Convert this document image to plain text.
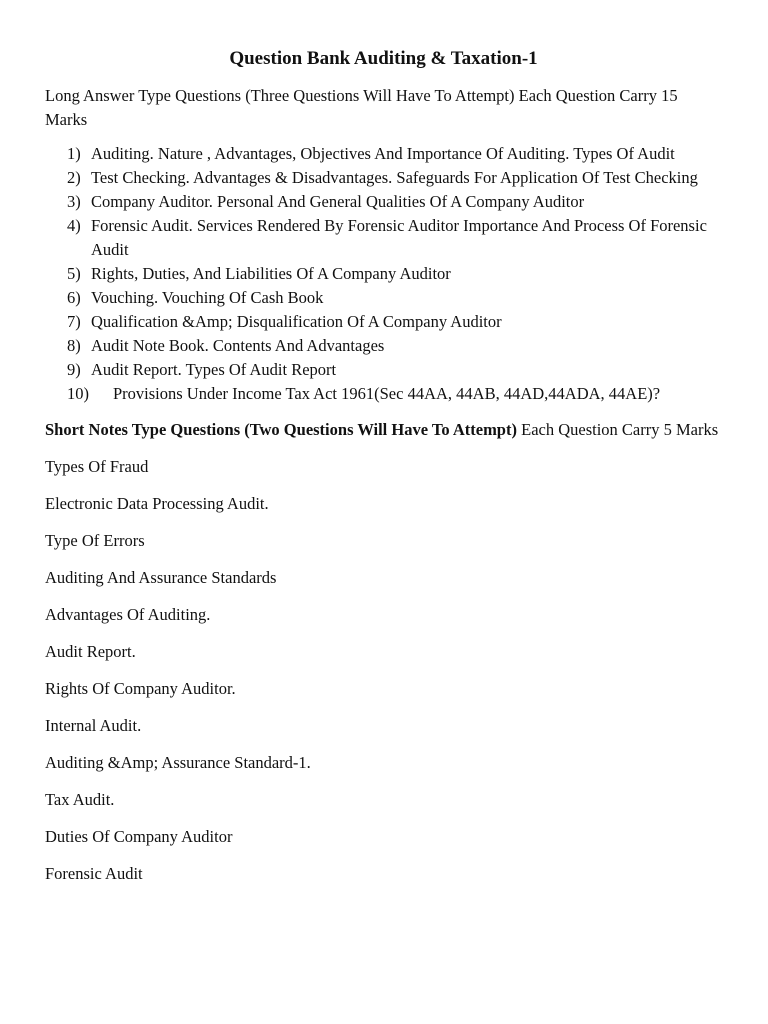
Question Bank Auditing & Taxation-1

Long Answer Type Questions (Three Questions Will Have To Attempt) Each Question Carry 15 Marks

1) Auditing. Nature , Advantages, Objectives And Importance Of Auditing. Types Of Audit
2) Test Checking. Advantages & Disadvantages. Safeguards For Application Of Test Checking
3) Company Auditor. Personal And General Qualities Of A Company Auditor
4) Forensic Audit. Services Rendered By Forensic Auditor Importance And Process Of Forensic Audit
5) Rights, Duties, And Liabilities Of A Company Auditor
6) Vouching. Vouching Of Cash Book
7) Qualification &Amp; Disqualification Of A Company Auditor
8) Audit Note Book. Contents And Advantages
9) Audit Report. Types Of Audit Report
10) Provisions Under Income Tax Act 1961(Sec 44AA, 44AB, 44AD,44ADA, 44AE)?

Short Notes Type Questions (Two Questions Will Have To Attempt) Each Question Carry 5 Marks

Types Of Fraud

Electronic Data Processing Audit.

Type Of Errors

Auditing And Assurance Standards

Advantages Of Auditing.

Audit Report.

Rights Of Company Auditor.

Internal Audit.

Auditing &Amp; Assurance Standard-1.

Tax Audit.

Duties Of Company Auditor

Forensic Audit
